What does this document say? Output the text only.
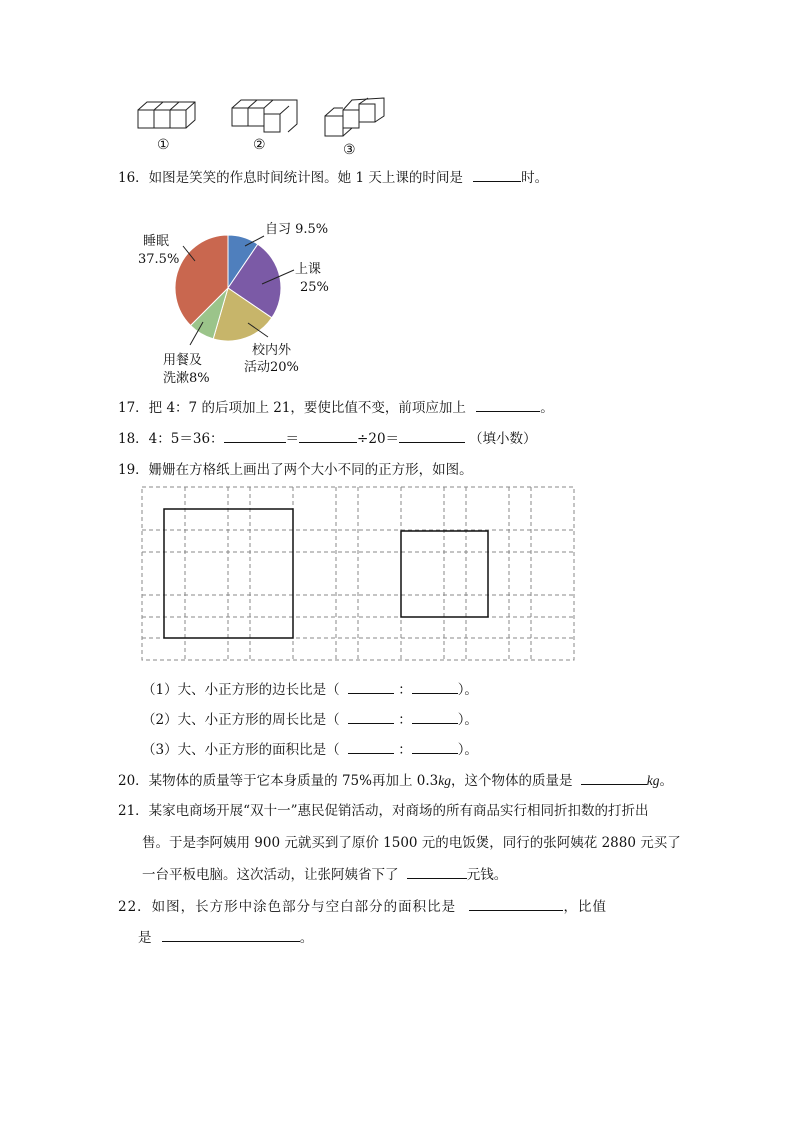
①	②	③
16．如图是笑笑的作息时间统计图。她 1 天上课的时间是	时。
自习 9.5%
上课
25%
校内外
活动20%
用餐及
洗漱8%
睡眠
37.5%
17．把 4：7 的后项加上 21，要使比值不变，前项应加上	。
18．4：5＝36：	＝	÷20＝	（填小数）
19．姗姗在方格纸上画出了两个大小不同的正方形，如图。
（1）大、小正方形的边长比是（	：	）。
（2）大、小正方形的周长比是（	：	）。
（3）大、小正方形的面积比是（	：	）。
20．某物体的质量等于它本身质量的 75%再加上 0.3kg，这个物体的质量是	kg。
21．某家电商场开展“双十一”惠民促销活动，对商场的所有商品实行相同折扣数的打折出
售。于是李阿姨用 900 元就买到了原价 1500 元的电饭煲，同行的张阿姨花 2880 元买了
一台平板电脑。这次活动，让张阿姨省下了	元钱。
22．如图，长方形中涂色部分与空白部分的面积比是	，比值
是	。
